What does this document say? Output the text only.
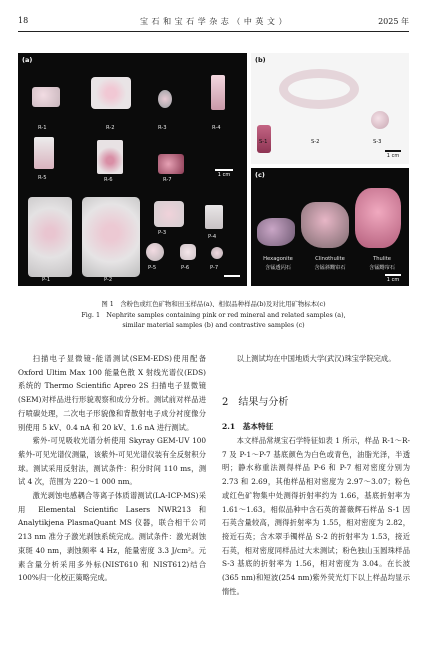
18	宝 石 和 宝 石 学 杂 志 （ 中 英 文 ）	2025 年
(a)
R-1	R-2	R-3	R-4
R-5	R-6	R-7
1 cm
P-1	P-2
P-3
P-4
P-5	P-6	P-7
(b)
S-1	S-2	S-3
1 cm
(c)
Hexagonite
含锰透闪石
Clinothulite
含锰斜黝帘石
Thulite
含锰黝帘石
1 cm
图 1　含粉色或红色矿物和田玉样品(a)、相似品种样品(b)及对比用矿物标本(c)
Fig. 1　Nephrite samples containing pink or red mineral and related samples (a),
similar material samples (b) and contrastive samples (c)

扫描电子显微镜-能谱测试(SEM-EDS)使用配备 Oxford Ultim Max 100 能量色散 X 射线光谱仪(EDS)系统的 Thermo Scientific Apreo 2S 扫描电子显微镜(SEM)对样品进行形貌观察和成分分析。测试前对样品进行喷碳处理，二次电子形貌像和背散射电子成分衬度像分别使用 5 kV、0.4 nA 和 20 kV、1.6 nA 进行测试。

紫外-可见吸收光谱分析使用 Skyray GEM-UV 100 紫外-可见光谱仪测量，该紫外-可见光谱仪装有全反射积分球。测试采用反射法，测试条件：积分时间 110 ms，测试 4 次，范围为 220～1 000 nm。

激光剥蚀电感耦合等离子体质谱测试(LA-ICP-MS)采用 Elemental Scientific Lasers NWR213 和 Analytikjena PlasmaQuant MS 仪器，联合相干公司 213 nm 准分子激光剥蚀系统完成。测试条件：激光剥蚀束斑 40 nm，剥蚀频率 4 Hz，能量密度 3.3 J/cm²。元素含量分析采用多外标(NIST610 和 NIST612)结合 100%归一化校正策略完成。

以上测试均在中国地质大学(武汉)珠宝学院完成。

2　结果与分析
2.1　基本特征

本文样品常规宝石学特征如表 1 所示，样品 R-1～R-7 及 P-1～P-7 基底颜色为白色或青色，油脂光泽，半透明；静水称重法测得样品 P-6 和 P-7 相对密度分别为 2.73 和 2.69，其他样品相对密度为 2.97～3.07；粉色或红色矿物集中处测得折射率约为 1.66，基底折射率为 1.61～1.63。相似品种中含石英的蔷薇辉石样品 S-1 因石英含量较高，测得折射率为 1.55，相对密度为 2.82，接近石英；含木翠手镯样品 S-2 的折射率为 1.53，接近石英，相对密度同样品过大未测试；粉色独山玉圆珠样品 S-3 基底的折射率为 1.56，相对密度为 3.04。在长波(365 nm)和短波(254 nm)紫外荧光灯下以上样品均显示惰性。
